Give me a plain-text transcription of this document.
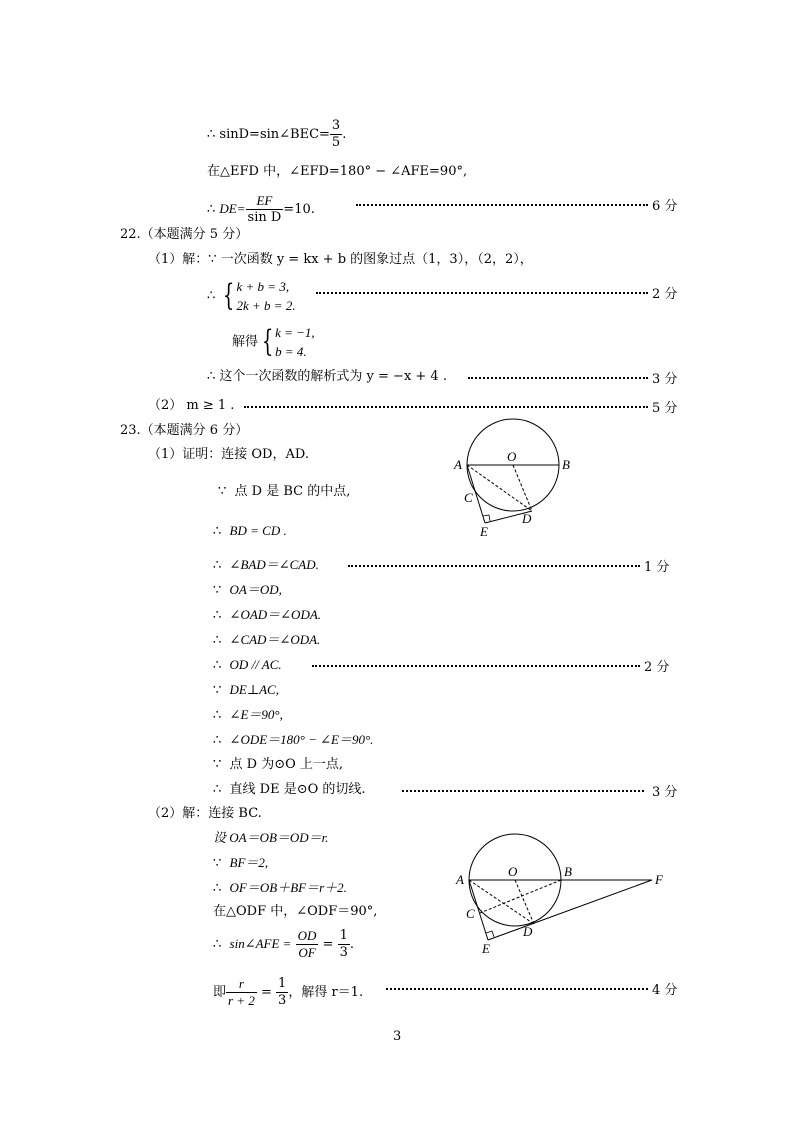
∴ sinD=sin∠BEC= $\frac{3}{5}$ .
在△EFD 中，∠EFD=180° − ∠AFE=90°,
∴ $DE= \frac{EF}{\text{sin D}} =10$.	6 分
22.（本题满分 5 分）
（1）解：∵ 一次函数 y = kx + b 的图象过点（1，3），（2，2），
∴ { k + b = 3,
2k + b = 2.
2 分
解得 { k = −1,
b = 4.
∴ 这个一次函数的解析式为 y = −x + 4 .	3 分
（2） m ≥ 1 .	5 分
23.（本题满分 6 分）
（1）证明：连接 OD，AD.
∵ 点 D 是 BC 的中点,
∴ BD = CD .
∴ ∠BAD＝∠CAD.
∵ OA＝OD,
∴ ∠OAD＝∠ODA.
∴ ∠CAD＝∠ODA.
∴ OD // AC.
∵ DE⊥AC,
∴ ∠E＝90°,
∴ ∠ODE＝180° − ∠E＝90°.
∵ 点 D 为⊙O 上一点,
∴ 直线 DE 是⊙O 的切线.
1 分
2 分
3 分
A
O
B
C
D
E
（2）解：连接 BC.
设 OA＝OB＝OD＝r.
∵ BF＝2,
∴ OF＝OB＋BF＝r＋2.
在△ODF 中，∠ODF＝90°,
∴ sin∠AFE = $\frac{OD}{OF} = \frac{1}{3}$ .
即 $\frac{r}{r + 2} = \frac{1}{3}$ ，解得 r＝1.	4 分
A
O	B
F
C
D
E
3
